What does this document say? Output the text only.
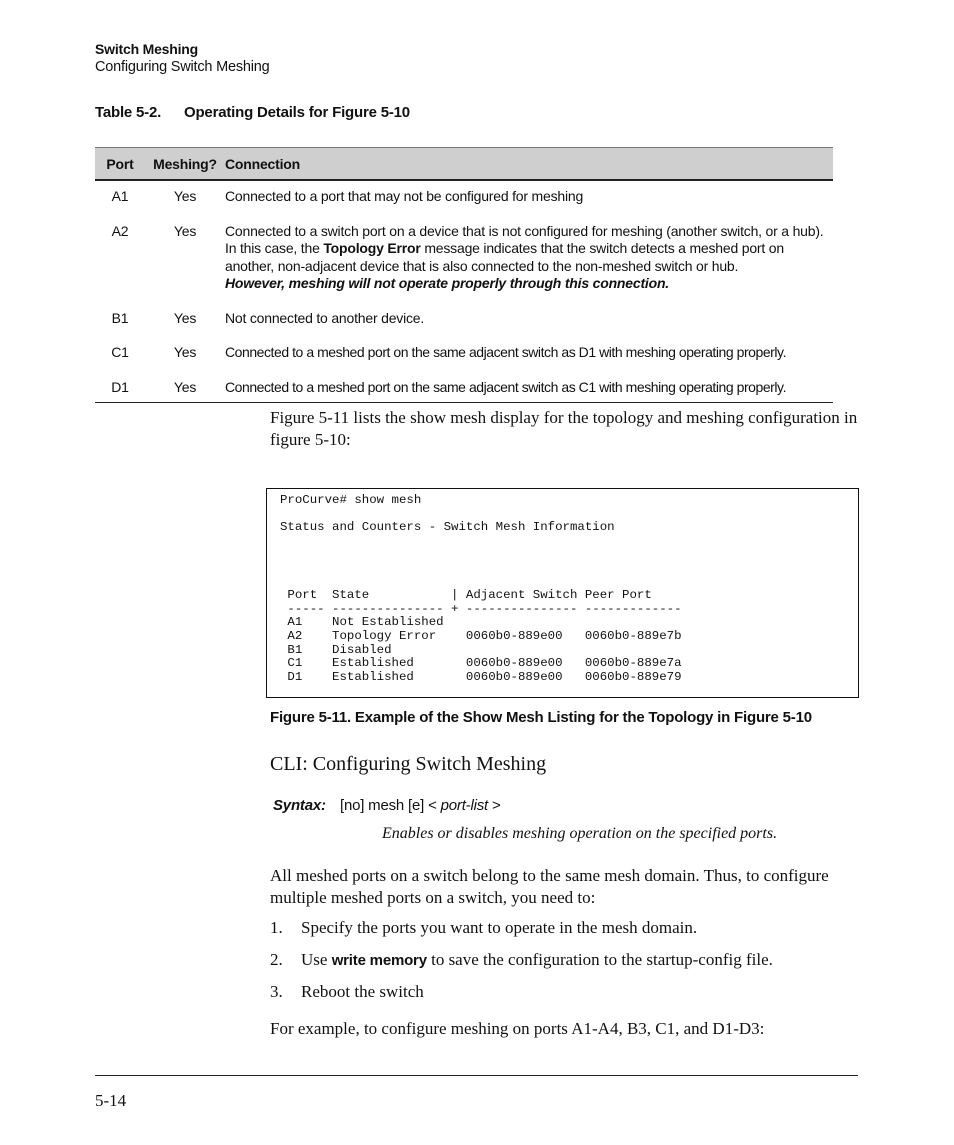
Switch Meshing
Configuring Switch Meshing
Table 5-2. Operating Details for Figure 5-10
Port	Meshing?	Connection
A1	Yes	Connected to a port that may not be configured for meshing
A2	Yes	Connected to a switch port on a device that is not configured for meshing (another switch, or a hub). In this case, the Topology Error message indicates that the switch detects a meshed port on another, non-adjacent device that is also connected to the non-meshed switch or hub.
However, meshing will not operate properly through this connection.
B1	Yes	Not connected to another device.
C1	Yes	Connected to a meshed port on the same adjacent switch as D1 with meshing operating properly.
D1	Yes	Connected to a meshed port on the same adjacent switch as C1 with meshing operating properly.
Figure 5-11 lists the show mesh display for the topology and meshing configuration in figure 5-10:
ProCurve# show mesh

Status and Counters - Switch Mesh Information

Port  State           | Adjacent Switch Peer Port
----- --------------- + --------------- -------------
A1    Not Established
A2    Topology Error    0060b0-889e00   0060b0-889e7b
B1    Disabled
C1    Established       0060b0-889e00   0060b0-889e7a
D1    Established       0060b0-889e00   0060b0-889e79
Figure 5-11. Example of the Show Mesh Listing for the Topology in Figure 5-10
CLI: Configuring Switch Meshing
Syntax: [no] mesh [e] < port-list >
Enables or disables meshing operation on the specified ports.
All meshed ports on a switch belong to the same mesh domain. Thus, to configure multiple meshed ports on a switch, you need to:
1. Specify the ports you want to operate in the mesh domain.
2. Use write memory to save the configuration to the startup-config file.
3. Reboot the switch
For example, to configure meshing on ports A1-A4, B3, C1, and D1-D3:
5-14
